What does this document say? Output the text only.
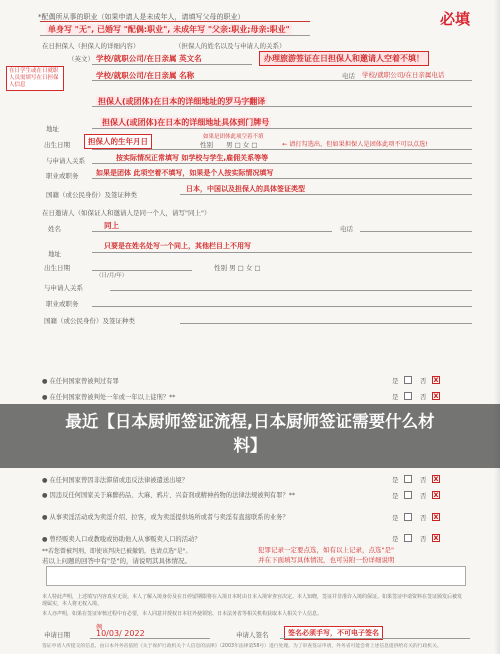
*配偶所从事的职业（如果申请人是未成年人，请填写父母的职业）	必填
单身写 "无", 已婚写 "配偶:职业", 未成年写 "父亲:职业;母亲:职业"
在日担保人（担保人的详细内容）	（担保人的姓名以及与申请人的关系）
（英文） 学校/就职公司/在日亲属 英文名	办理旅游签证在日担保人和邀请人空着不填！
在日学生或在日就职人员需填写在日担保人信息
学校/就职公司/在日亲属 名称	电话 学校/就职公司/在日亲属电话
担保人(或团体)在日本的详细地址的罗马字翻译
地址
担保人(或团体)在日本的详细地址具体到门牌号
出生日期	担保人的生年月日	如果是团体此项空着不填
性别 男 □ 女 □	← 请打勾选出，但如果担保人是团体此项不可以点选!
与申请人关系	按实际情况正常填写 如学校与学生,雇佣关系等等
职业或职务	如果是团体 此项空着不填写，如果是个人按实际情况填写
国籍（或公民身份）及签证种类
日本，中国以及担保人的具体签证类型
在日邀请人（如保证人和邀请人是同一个人，请写"同上"）
姓名	同上	电话
地址
只要是在姓名处写一个同上，其他栏目上不用写
出生日期
（日/月/年）
性别 男 □ 女 □
与申请人关系
职业或职务
国籍（或公民身份）及签证种类
● 在任何国家曾被判过有罪	是	否 x
● 在任何国家曾被判处一年或一年以上徒刑？**	是	否 x
● 在任何国家曾因非法滞留或违反法律被遣送出境？	是	否 x
● 因违反任何国家关于麻醉药品、大麻、鸦片、兴奋剂或精神药物的法律法规被判有罪？**	是	否 x
● 从事卖淫活动或为卖淫介绍、拉客，或为卖淫提供场所或者与卖淫有直接联系的业务？	是	否 x
● 曾经贩卖人口或教唆或协助他人从事贩卖人口的活动？	是	否 x
**若您曾被判刑，即使该判决已被撤销，也请点选"是"。	犯罪记录一定要点选，如有以上记录，点选"是"
若以上问题的回答中有"是"的，请说明其具体情况。	并在下面填写具体情况，也可另附一份详细说明
本人特此声明，上述填写内容真实无误。本人了解入境身份及在日停留期限将在入境日本时由日本入境审查官决定。本人知晓，签证并非准许入境的保证。如果签证申请资料在签证颁发后被发现属实，本人将无权入境。
本人亦声明，如果在签证审核过程中有必要，本人同意并授权日本驻外使领馆、日本法务省等相关机构获取本人相关个人信息。
例
申请日期	10/03/ 2022	申请人签名	签名必须手写，不可电子签名
签证申请人所提交的信息，由日本外务省依照《关于保护行政机关个人信息的法律》（2003年法律第58号）进行处理。为了审查签证申请，外务省可能会将上述信息提供给有关的行政机关。
最近【日本厨师签证流程,日本厨师签证需要什么材料】
